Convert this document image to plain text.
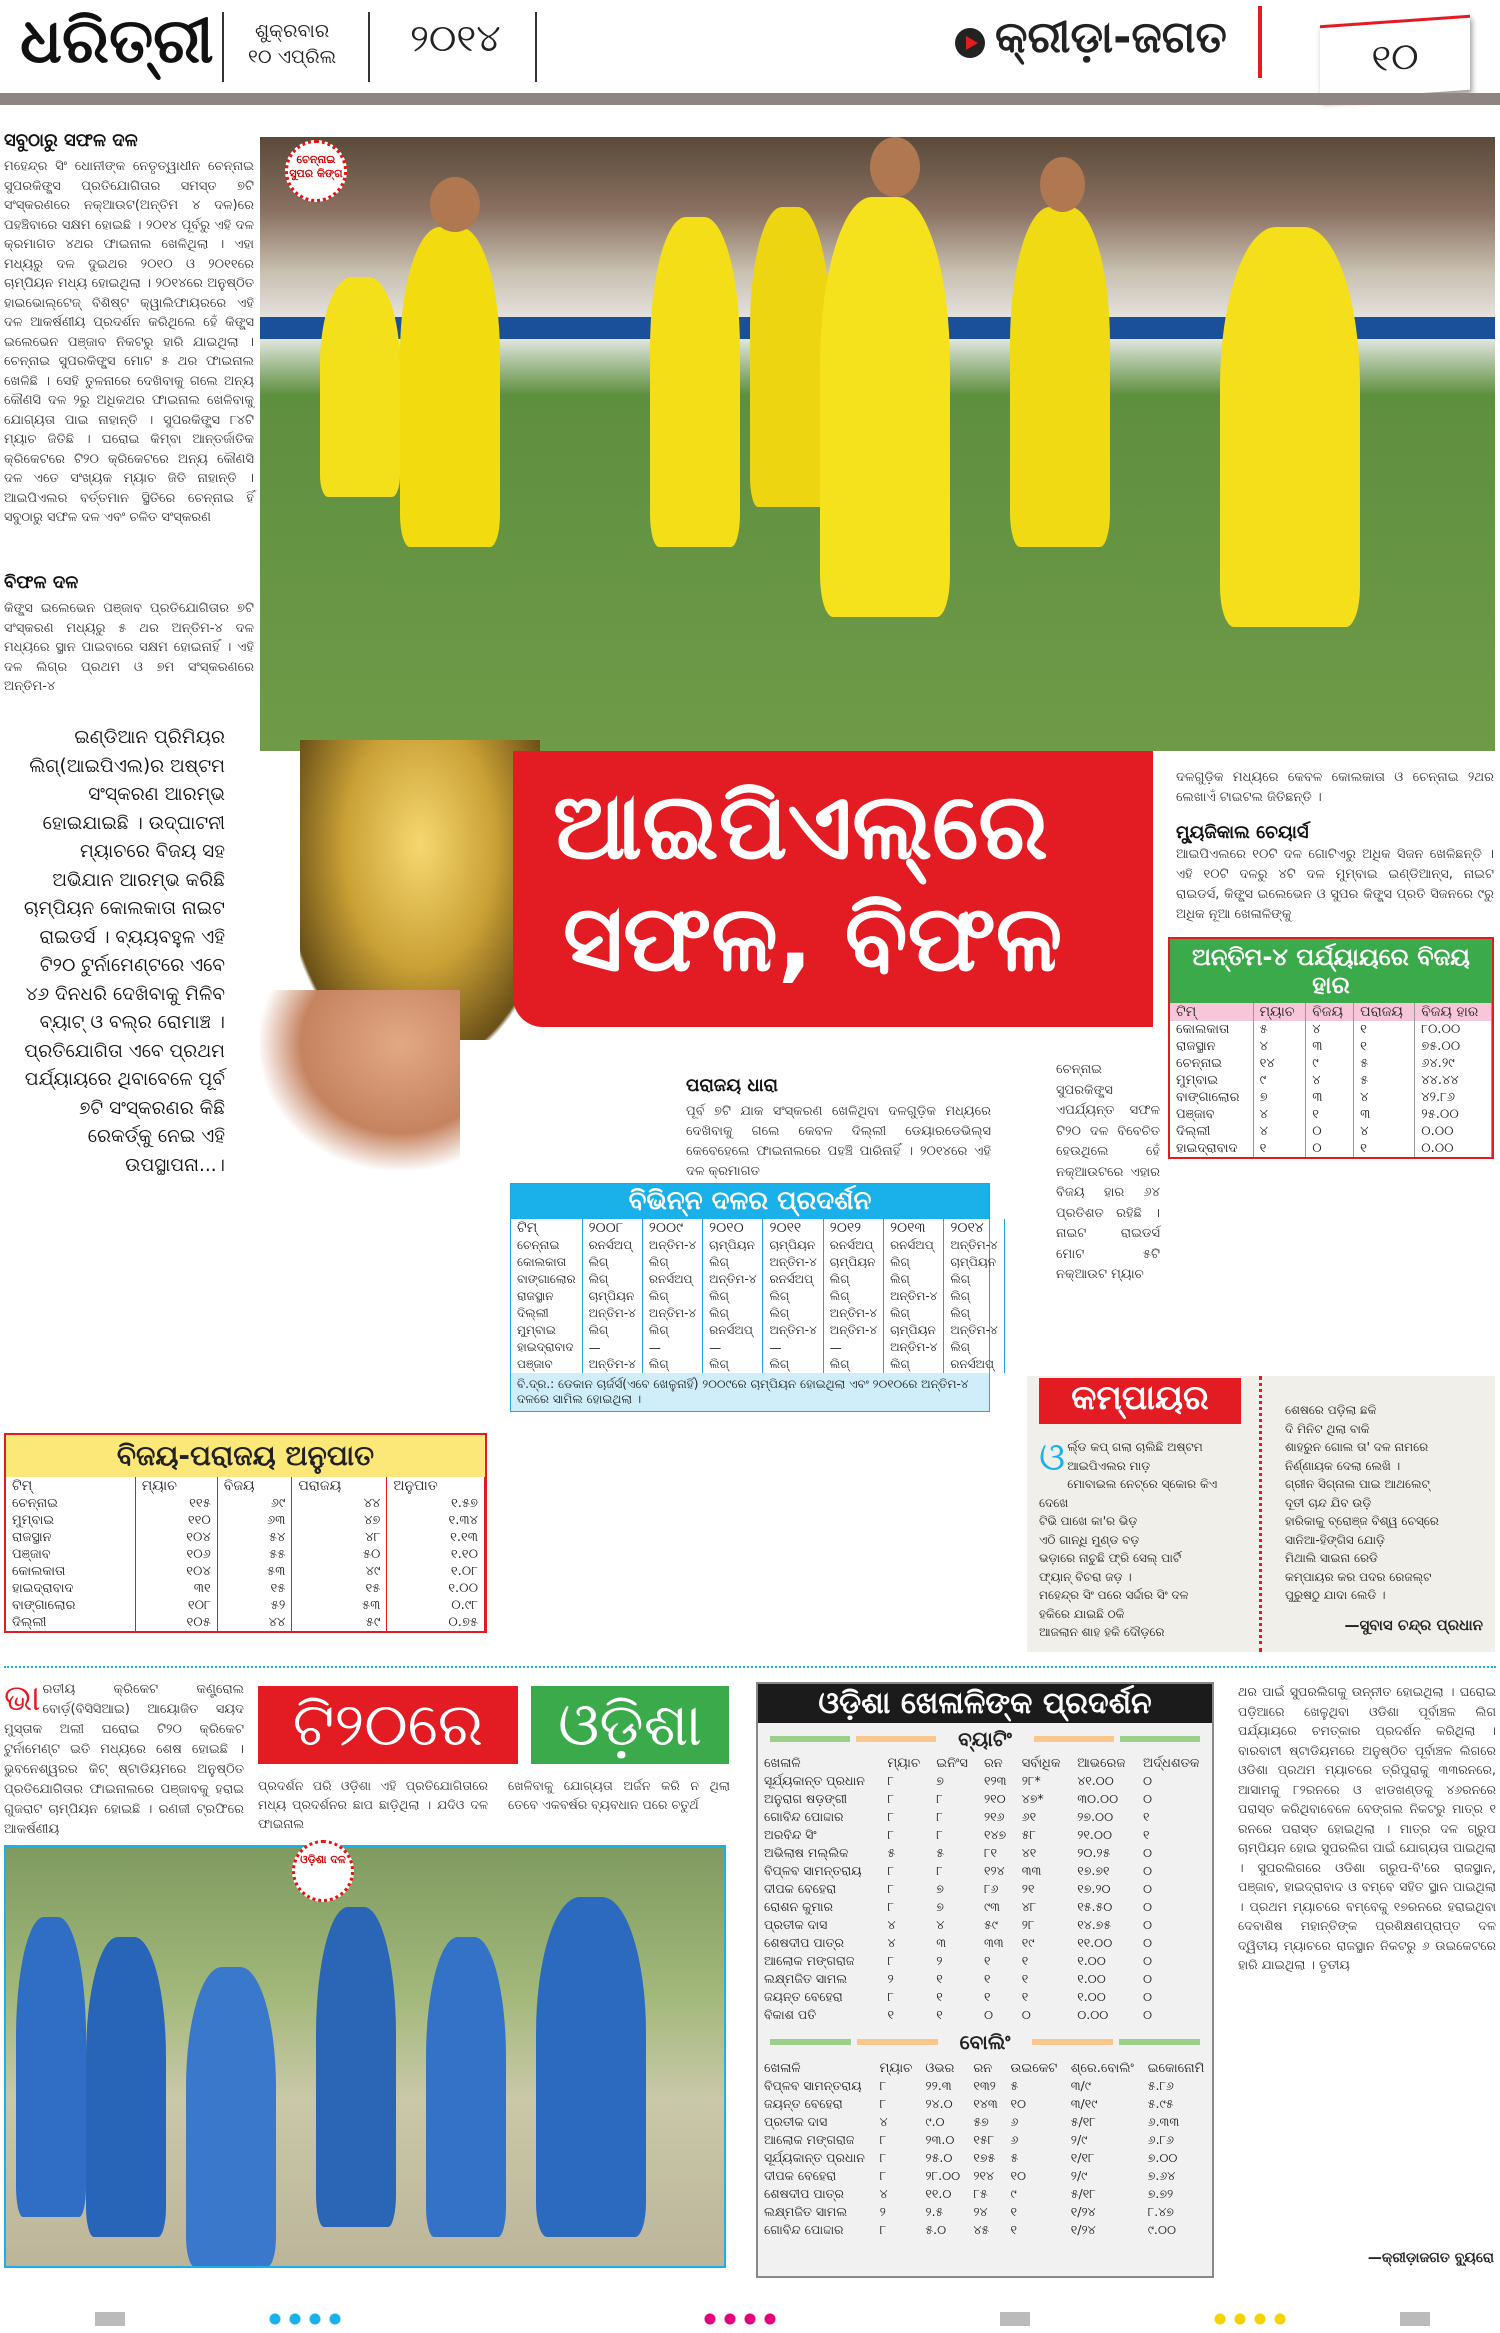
ଧରିତ୍ରୀ	ଶୁକ୍ରବାର
୧୦ ଏପ୍ରିଲ ୨୦୧୪	କ୍ରୀଡ଼ା-ଜଗତ	୧୦
ସବୁଠାରୁ ସଫଳ ଦଳ
ମହେନ୍ଦ୍ର ସିଂ ଧୋନୀଙ୍କ ନେତୃତ୍ୱାଧୀନ ଚେନ୍ନାଇ ସୁପରକିଙ୍ଗ୍ସ ପ୍ରତିଯୋଗିତାର ସମସ୍ତ ୭ଟି ସଂସ୍କରଣରେ ନକ୍‌ଆଉଟ(ଅନ୍ତିମ ୪ ଦଳ)ରେ ପହଞ୍ଚିବାରେ ସକ୍ଷମ ହୋଇଛି । ୨୦୧୪ ପୂର୍ବରୁ ଏହି ଦଳ କ୍ରମାଗତ ୪ଥର ଫାଇନାଲ ଖେଳିଥିଲା । ଏହା ମଧ୍ୟରୁ ଦଳ ଦୁଇଥର ୨୦୧୦ ଓ ୨୦୧୧ରେ ଚାମ୍ପିୟନ ମଧ୍ୟ ହୋଇଥିଲା । ୨୦୧୪ରେ ଅନୁଷ୍ଠିତ ହାଇଭୋଲ୍ଟେଜ୍ ବିଶିଷ୍ଟ କ୍ୱାଲିଫାୟରରେ ଏହି ଦଳ ଆକର୍ଷଣୀୟ ପ୍ରଦର୍ଶନ କରିଥିଲେ ହେଁ କିଙ୍ଗ୍ସ ଇଲେଭେନ ପଞ୍ଜାବ ନିକଟରୁ ହାରି ଯାଇଥିଲା । ଚେନ୍ନାଇ ସୁପରକିଙ୍ଗ୍ସ ମୋଟ ୫ ଥର ଫାଇନାଲ ଖେଳିଛି । ସେହି ତୁଳନାରେ ଦେଖିବାକୁ ଗଲେ ଅନ୍ୟ କୌଣସି ଦଳ ୨ରୁ ଅଧିକଥର ଫାଇନାଲ ଖେଳିବାକୁ ଯୋଗ୍ୟତା ପାଇ ନାହାନ୍ତି । ସୁପରକିଙ୍ଗ୍ସ ୮୪ଟି ମ୍ୟାଚ ଜିତିଛି । ଘରୋଇ କିମ୍ବା ଆନ୍ତର୍ଜାତିକ କ୍ରିକେଟରେ ଟି୨୦ କ୍ରିକେଟରେ ଅନ୍ୟ କୌଣସି ଦଳ ଏତେ ସଂଖ୍ୟକ ମ୍ୟାଚ ଜିତି ନାହାନ୍ତି । ଆଇପିଏଲର ବର୍ତ୍ତମାନ ସ୍ଥିତିରେ ଚେନ୍ନାଇ ହିଁ ସବୁଠାରୁ ସଫଳ ଦଳ ଏବଂ ଚଳିତ ସଂସ୍କରଣ
ବିଫଳ ଦଳ
କିଙ୍ଗ୍ସ ଇଲେଭେନ ପଞ୍ଜାବ ପ୍ରତିଯୋଗିତାର ୭ଟି ସଂସ୍କରଣ ମଧ୍ୟରୁ ୫ ଥର ଅନ୍ତିମ-୪ ଦଳ ମଧ୍ୟରେ ସ୍ଥାନ ପାଇବାରେ ସକ୍ଷମ ହୋଇନାହିଁ । ଏହି ଦଳ ଲିଗ୍‌ର ପ୍ରଥମ ଓ ୭ମ ସଂସ୍କରଣରେ ଅନ୍ତିମ-୪
ଚେନ୍ନାଇ ସୁପର କିଙ୍ଗ
ଇଣ୍ଡିଆନ ପ୍ରିମିୟର ଲିଗ୍(ଆଇପିଏଲ)ର ଅଷ୍ଟମ ସଂସ୍କରଣ ଆରମ୍ଭ ହୋଇଯାଇଛି । ଉଦ୍‌ଘାଟନୀ ମ୍ୟାଚରେ ବିଜୟ ସହ ଅଭିଯାନ ଆରମ୍ଭ କରିଛି ଚାମ୍ପିୟନ କୋଲକାତା ନାଇଟ ରାଇଡର୍ସ । ବ୍ୟୟବହୁଳ ଏହି ଟି୨୦ ଟୁର୍ନାମେଣ୍ଟରେ ଏବେ ୪୬ ଦିନଧରି ଦେଖିବାକୁ ମିଳିବ ବ୍ୟାଟ୍ ଓ ବଲ୍‌ର ରୋମାଞ୍ଚ । ପ୍ରତିଯୋଗିତା ଏବେ ପ୍ରଥମ ପର୍ଯ୍ୟାୟରେ ଥିବାବେଳେ ପୂର୍ବ ୭ଟି ସଂସ୍କରଣର କିଛି ରେକର୍ଡ୍‌କୁ ନେଇ ଏହି ଉପସ୍ଥାପନା...।
ଆଇପିଏଲ୍‌ରେ
ସଫଳ, ବିଫଳ
ଦଳଗୁଡ଼ିକ ମଧ୍ୟରେ କେବଳ କୋଲକାତା ଓ ଚେନ୍ନାଇ ୨ଥର ଲେଖାଏଁ ଟାଇଟଲ ଜିତିଛନ୍ତି ।
ମ୍ୟୁଜିକାଲ ଚେୟାର୍ସ
ଆଇପିଏଲରେ ୧୦ଟି ଦଳ ଗୋଟିଏରୁ ଅଧିକ ସିଜନ ଖେଳିଛନ୍ତି । ଏହି ୧୦ଟି ଦଳରୁ ୪ଟି ଦଳ ମୁମ୍ବାଇ ଇଣ୍ଡିଆନ୍ସ, ନାଇଟ ରାଇଡର୍ସ, କିଙ୍ଗ୍ସ ଇଲେଭେନ ଓ ସୁପର କିଙ୍ଗ୍ସ ପ୍ରତି ସିଜନରେ ୯ରୁ ଅଧିକ ନୂଆ ଖେଳାଳିଙ୍କୁ
ଅନ୍ତିମ-୪ ପର୍ଯ୍ୟାୟରେ ବିଜୟ ହାର
ଟିମ୍	ମ୍ୟାଚ	ବିଜୟ	ପରାଜୟ	ବିଜୟ ହାର
କୋଲକାତା	୫	୪	୧	୮୦.୦୦
ରାଜସ୍ଥାନ	୪	୩	୧	୭୫.୦୦
ଚେନ୍ନାଇ	୧୪	୯	୫	୬୪.୨୯
ମୁମ୍ବାଇ	୯	୪	୫	୪୪.୪୪
ବାଙ୍ଗାଲୋର	୭	୩	୪	୪୨.୮୬
ପଞ୍ଜାବ	୪	୧	୩	୨୫.୦୦
ଦିଲ୍ଲୀ	୪	୦	୪	୦.୦୦
ହାଇଦ୍ରାବାଦ	୧	୦	୧	୦.୦୦
ପରାଜୟ ଧାରା
ପୂର୍ବ ୭ଟି ଯାକ ସଂସ୍କରଣ ଖେଳିଥିବା ଦଳଗୁଡ଼ିକ ମଧ୍ୟରେ ଦେଖିବାକୁ ଗଲେ କେବଳ ଦିଲ୍ଲୀ ଡେୟାରଡେଭିଲ୍ସ କେବେହେଲେ ଫାଇନାଲରେ ପହଞ୍ଚି ପାରିନାହିଁ । ୨୦୧୪ରେ ଏହି ଦଳ କ୍ରମାଗତ
ଚେନ୍ନାଇ ସୁପରକିଙ୍ଗ୍ସ ଏପର୍ଯ୍ୟନ୍ତ ସଫଳ ଟି୨୦ ଦଳ ବିବେଚିତ ହେଉଥିଲେ ହେଁ ନକ୍‌ଆଉଟରେ ଏହାର ବିଜୟ ହାର ୬୪ ପ୍ରତିଶତ ରହିଛି । ନାଇଟ ରାଇଡର୍ସ ମୋଟ ୫ଟି ନକ୍‌ଆଉଟ ମ୍ୟାଚ
ବିଭିନ୍ନ ଦଳର ପ୍ରଦର୍ଶନ
ଟିମ୍	୨୦୦୮	୨୦୦୯	୨୦୧୦	୨୦୧୧	୨୦୧୨	୨୦୧୩	୨୦୧୪
ଚେନ୍ନାଇ	ରନର୍ସଅପ୍	ଅନ୍ତିମ-୪	ଚାମ୍ପିୟନ	ଚାମ୍ପିୟନ	ରନର୍ସଅପ୍	ରନର୍ସଅପ୍	ଅନ୍ତିମ-୪
କୋଲକାତା	ଲିଗ୍	ଲିଗ୍	ଲିଗ୍	ଅନ୍ତିମ-୪	ଚାମ୍ପିୟନ	ଲିଗ୍	ଚାମ୍ପିୟନ
ବାଙ୍ଗାଲୋର	ଲିଗ୍	ରନର୍ସଅପ୍	ଅନ୍ତିମ-୪	ରନର୍ସଅପ୍	ଲିଗ୍	ଲିଗ୍	ଲିଗ୍
ରାଜସ୍ଥାନ	ଚାମ୍ପିୟନ	ଲିଗ୍	ଲିଗ୍	ଲିଗ୍	ଲିଗ୍	ଅନ୍ତିମ-୪	ଲିଗ୍
ଦିଲ୍ଲୀ	ଅନ୍ତିମ-୪	ଅନ୍ତିମ-୪	ଲିଗ୍	ଲିଗ୍	ଅନ୍ତିମ-୪	ଲିଗ୍	ଲିଗ୍
ମୁମ୍ବାଇ	ଲିଗ୍	ଲିଗ୍	ରନର୍ସଅପ୍	ଅନ୍ତିମ-୪	ଅନ୍ତିମ-୪	ଚାମ୍ପିୟନ	ଅନ୍ତିମ-୪
ହାଇଦ୍ରାବାଦ	—	—	—	—	—	ଅନ୍ତିମ-୪	ଲିଗ୍
ପଞ୍ଜାବ	ଅନ୍ତିମ-୪	ଲିଗ୍	ଲିଗ୍	ଲିଗ୍	ଲିଗ୍	ଲିଗ୍	ରନର୍ସଅପ୍
ବି.ଦ୍ର.: ଡେକାନ ଚାର୍ଜର୍ସ(ଏବେ ଖେଳୁନାହିଁ) ୨୦୦୯ରେ ଚାମ୍ପିୟନ ହୋଇଥିଲା ଏବଂ ୨୦୧୦ରେ ଅନ୍ତିମ-୪ ଦଳରେ ସାମିଲ ହୋଇଥିଲା ।
ବିଜୟ-ପରାଜୟ ଅନୁପାତ
ଟିମ୍	ମ୍ୟାଚ	ବିଜୟ	ପରାଜୟ	ଅନୁପାତ
ଚେନ୍ନାଇ	୧୧୫	୬୯	୪୪	୧.୫୭
ମୁମ୍ବାଇ	୧୧୦	୬୩	୪୭	୧.୩୪
ରାଜସ୍ଥାନ	୧୦୪	୫୪	୪୮	୧.୧୩
ପଞ୍ଜାବ	୧୦୬	୫୫	୫୦	୧.୧୦
କୋଲକାତା	୧୦୪	୫୩	୪୯	୧.୦୮
ହାଇଦ୍ରାବାଦ	୩୧	୧୫	୧୫	୧.୦୦
ବାଙ୍ଗାଲୋର	୧୦୮	୫୨	୫୩	୦.୯୮
ଦିଲ୍ଲୀ	୧୦୫	୪୪	୫୯	୦.୭୫
କମ୍ପାୟର
ଓ ର୍ଲ୍ଡ କପ୍ ଗଲା ଚାଲିଛି ଅଷ୍ଟମ
ଆଇପିଏଲର ମାଡ଼
ମୋବାଇଲ ନେଟ୍‌ରେ ସ୍କୋର କିଏ ଦେଖେ
ଟିଭି ପାଖେ କା'ର ଭିଡ଼
ଏଠି ଗାନ୍ଧି ମୁଣ୍ଡ ବଡ଼
ଭଡ଼ାରେ ନାଚୁଛି ଫ୍ରି ସେଲ୍ ପାର୍ଟି
ଫ୍ୟାନ୍ ବିଚରା ଜଡ଼ ।
ମହେନ୍ଦ୍ର ସିଂ ପରେ ସର୍ଦ୍ଦାର ସିଂ ଦଳ
ହକିରେ ଯାଇଛି ଠକି
ଆଜଲାନ ଶାହ ହକି ଦୌଡ଼ରେ
ଶେଷରେ ପଡ଼ିଲା ଛକି
ଦି ମିନିଟ ଥିଲା ବାକି
ଶାହରୁନ ଗୋଲ ତା' ଦଳ ନାମରେ
ନିର୍ଣ୍ଣାୟକ ଦେଲା ଲେଖି ।
ଗ୍ରୀନ ସିଗ୍ନାଲ ପାଇ ଆଥଲେଟ୍
ଦୂତୀ ଚାନ୍ଦ ଯିବ ଉଡ଼ି
ହାରିକାକୁ ବ୍ରୋଞ୍ଜ ବିଶ୍ୱ ଚେସ୍‌ରେ
ସାନିଆ-ହିଙ୍ଗିସ ଯୋଡ଼ି
ମିଥାଲି ସାଇନା ରେଡି
କମ୍ପାୟର କର ପଦର ରେଜଲ୍ଟ
ପୁରୁଷଠୁ ଯାଦା ଲେଡି ।
—ସୁବାସ ଚନ୍ଦ୍ର ପ୍ରଧାନ
ଭାରତୀୟ କ୍ରିକେଟ କଣ୍ଟ୍ରୋଲ ବୋର୍ଡ଼(ବିସିସିଆଇ) ଆୟୋଜିତ ସୟଦ ମୁସ୍ତାକ ଅଲୀ ଘରୋଇ ଟି୨୦ କ୍ରିକେଟ ଟୁର୍ନାମେଣ୍ଟ ଇତି ମଧ୍ୟରେ ଶେଷ ହୋଇଛି । ଭୁବନେଶ୍ୱରର କିଟ୍ ଷ୍ଟାଡିୟମରେ ଅନୁଷ୍ଠିତ ପ୍ରତିଯୋଗିତାର ଫାଇନାଲରେ ପଞ୍ଜାବକୁ ହରାଇ ଗୁଜରାଟ ଚାମ୍ପିୟନ ହୋଇଛି । ରଣଜୀ ଟ୍ରଫିରେ ଆକର୍ଷଣୀୟ
ଟି୨୦ରେ	ଓଡ଼ିଶା
ପ୍ରଦର୍ଶନ ପରି ଓଡ଼ିଶା ଏହି ପ୍ରତିଯୋଗିତାରେ ମଧ୍ୟ ପ୍ରଦର୍ଶନର ଛାପ ଛାଡ଼ିଥିଲା । ଯଦିଓ ଦଳ ଫାଇନାଲ
ଖେଳିବାକୁ ଯୋଗ୍ୟତା ଅର୍ଜନ କରି ନ ଥିଲା ତେବେ ଏକବର୍ଷର ବ୍ୟବଧାନ ପରେ ଚତୁର୍ଥ
ଓଡ଼ିଶା ଦଳ
ଓଡ଼ିଶା ଖେଳାଳିଙ୍କ ପ୍ରଦର୍ଶନ
ବ୍ୟାଟିଂ
ଖେଳାଳି	ମ୍ୟାଚ	ଇନିଂସ	ରନ	ସର୍ବାଧିକ	ଆଭରେଜ	ଅର୍ଦ୍ଧଶତକ
ସୂର୍ଯ୍ୟକାନ୍ତ ପ୍ରଧାନ	୮	୭	୧୨୩	୨୮*	୪୧.୦୦	୦
ଅନୁରାଗ ଷଡ଼ଙ୍ଗୀ	୮	୮	୨୧୦	୪୭*	୩୦.୦୦	୦
ଗୋବିନ୍ଦ ପୋଦ୍ଦାର	୮	୮	୨୧୬	୬୧	୨୭.୦୦	୧
ଅରବିନ୍ଦ ସିଂ	୮	୮	୧୪୭	୫୮	୨୧.୦୦	୧
ଅଭିଲାଷ ମଲ୍ଲିକ	୫	୫	୮୧	୪୧	୨୦.୨୫	୦
ବିପ୍ଳବ ସାମନ୍ତରାୟ	୮	୮	୧୨୪	୩୩	୧୭.୭୧	୦
ଦୀପକ ବେହେରା	୮	୭	୮୬	୨୧	୧୭.୨୦	୦
ରୋଶନ କୁମାର	୮	୭	୯୩	୪୮	୧୫.୫୦	୦
ପ୍ରତୀକ ଦାସ	୪	୪	୫୯	୨୮	୧୪.୭୫	୦
ଶେଷଦୀପ ପାତ୍ର	୪	୩	୩୩	୧୯	୧୧.୦୦	୦
ଆଲୋକ ମଙ୍ଗରାଜ	୮	୨	୧	୧	୧.୦୦	୦
ଲକ୍ଷ୍ମଜିତ ସାମଲ	୨	୧	୧	୧	୧.୦୦	୦
ଜୟନ୍ତ ବେହେରା	୮	୧	୧	୧	୧.୦୦	୦
ବିକାଶ ପତି	୧	୧	୦	୦	୦.୦୦	୦
ବୋଲିଂ
ଖେଳାଳି	ମ୍ୟାଚ	ଓଭର	ରନ	ଉଇକେଟ	ଶ୍ରେ.ବୋଲିଂ	ଇକୋନୋମି
ବିପ୍ଳବ ସାମନ୍ତରାୟ	୮	୨୨.୩	୧୩୨	୫	୩/୯	୫.୮୬
ଜୟନ୍ତ ବେହେରା	୮	୨୪.୦	୧୪୩	୧୦	୩/୧୯	୫.୯୫
ପ୍ରତୀକ ଦାସ	୪	୯.୦	୫୭	୬	୫/୧୮	୬.୩୩
ଆଲୋକ ମଙ୍ଗରାଜ	୮	୨୩.୦	୧୫୮	୬	୨/୯	୬.୮୬
ସୂର୍ଯ୍ୟକାନ୍ତ ପ୍ରଧାନ	୮	୨୫.୦	୧୭୫	୫	୧/୧୮	୭.୦୦
ଦୀପକ ବେହେରା	୮	୨୮.୦୦	୨୧୪	୧୦	୨/୯	୭.୬୪
ଶେଷଦୀପ ପାତ୍ର	୪	୧୧.୦	୮୫	୯	୫/୧୮	୭.୭୨
ଲକ୍ଷ୍ମଜିତ ସାମଲ	୨	୨.୫	୨୪	୧	୧/୨୪	୮.୪୭
ଗୋବିନ୍ଦ ପୋଦ୍ଦାର	୮	୫.୦	୪୫	୧	୧/୨୪	୯.୦୦
ଥର ପାଇଁ ସୁପରଲିଗକୁ ଉନ୍ନୀତ ହୋଇଥିଲା । ଘରୋଇ ପଡ଼ିଆରେ ଖେଳୁଥିବା ଓଡିଶା ପୂର୍ବାଞ୍ଚଳ ଲିଗ ପର୍ଯ୍ୟାୟରେ ଚମତ୍କାର ପ୍ରଦର୍ଶନ କରିଥିଲା । ବାରବାଟୀ ଷ୍ଟାଡିୟମରେ ଅନୁଷ୍ଠିତ ପୂର୍ବାଞ୍ଚଳ ଲିଗରେ ଓଡିଶା ପ୍ରଥମ ମ୍ୟାଚରେ ତ୍ରିପୁରାକୁ ୩୩ରନରେ, ଆସାମକୁ ୮୨ରନରେ ଓ ଝାଡଖଣ୍ଡକୁ ୪୬ରନରେ ପରାସ୍ତ କରିଥିବାବେଳେ ବେଙ୍ଗଲ ନିକଟରୁ ମାତ୍ର ୧ ରନରେ ପରାସ୍ତ ହୋଇଥିଲା । ମାତ୍ର ଦଳ ଗ୍ରୁପ ଚାମ୍ପିୟନ ହୋଇ ସୁପରଲିଗ ପାଇଁ ଯୋଗ୍ୟତା ପାଇଥିଲା । ସୁପରଲିଗରେ ଓଡିଶା ଗ୍ରୁପ-ବି'ରେ ରାଜସ୍ଥାନ, ପଞ୍ଜାବ, ହାଇଦ୍ରାବାଦ ଓ ବମ୍ବେ ସହିତ ସ୍ଥାନ ପାଇଥିଲା । ପ୍ରଥମ ମ୍ୟାଚରେ ବମ୍ବେକୁ ୧୭ରନରେ ହରାଇଥିବା ଦେବାଶିଷ ମହାନ୍ତିଙ୍କ ପ୍ରଶିକ୍ଷଣପ୍ରାପ୍ତ ଦଳ ଦ୍ୱିତୀୟ ମ୍ୟାଚରେ ରାଜସ୍ଥାନ ନିକଟରୁ ୬ ଉଇକେଟରେ ହାରି ଯାଇଥିଲା । ତୃତୀୟ
—କ୍ରୀଡ଼ାଜଗତ ବ୍ୟୁରୋ
